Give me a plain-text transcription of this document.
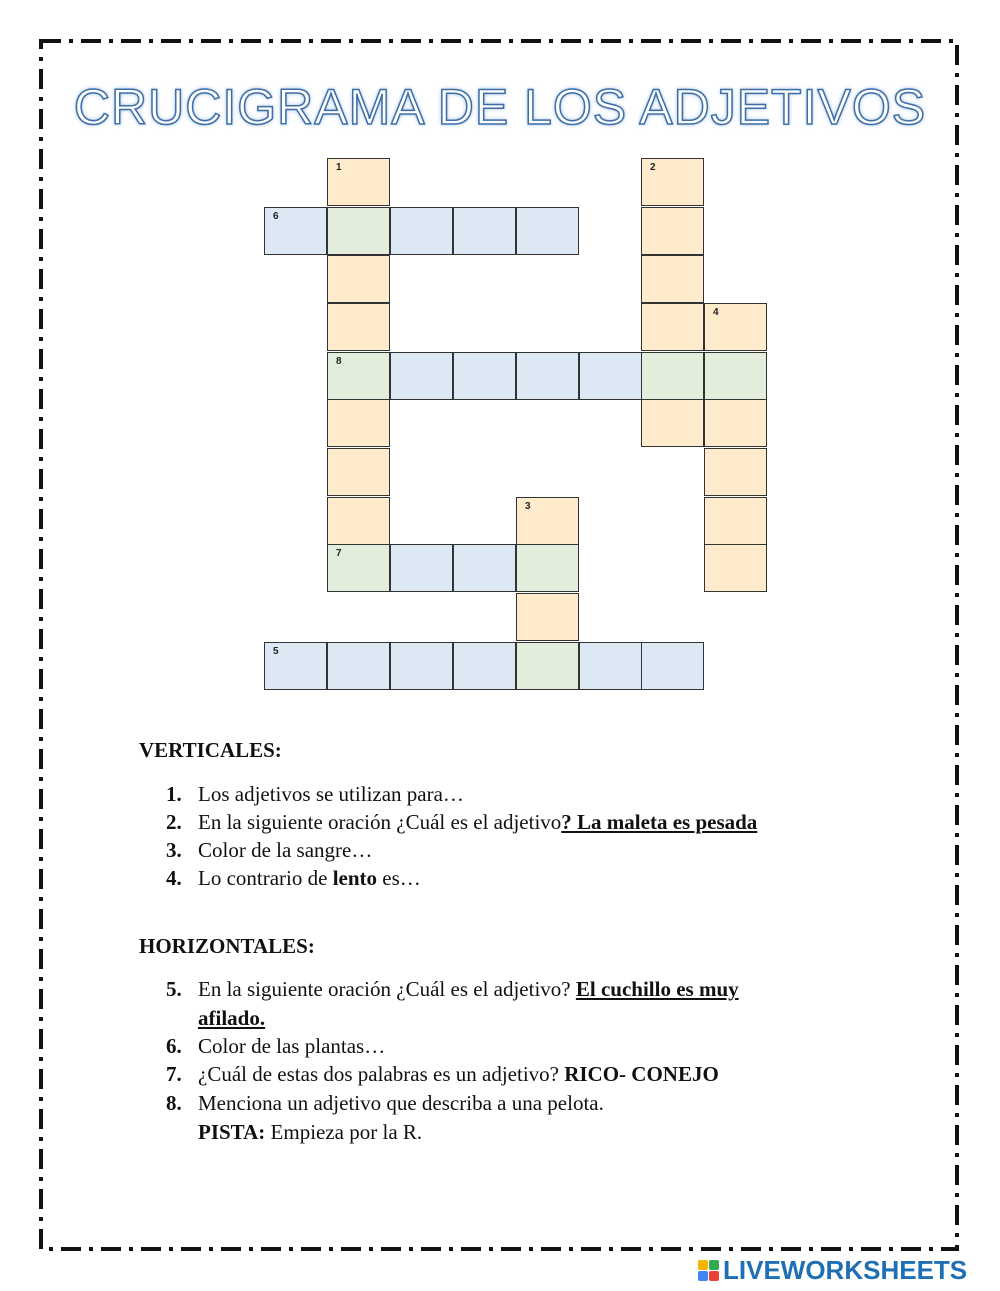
CRUCIGRAMA DE LOS ADJETIVOS
1	2
6
4
8
3
7
5
VERTICALES:
1. Los adjetivos se utilizan para…
2. En la siguiente oración ¿Cuál es el adjetivo? La maleta es pesada
3. Color de la sangre…
4. Lo contrario de lento es…
HORIZONTALES:
5. En la siguiente oración ¿Cuál es el adjetivo? El cuchillo es muy
afilado.
6. Color de las plantas…
7. ¿Cuál de estas dos palabras es un adjetivo? RICO- CONEJO
8. Menciona un adjetivo que describa a una pelota.
PISTA: Empieza por la R.
LIVEWORKSHEETS
